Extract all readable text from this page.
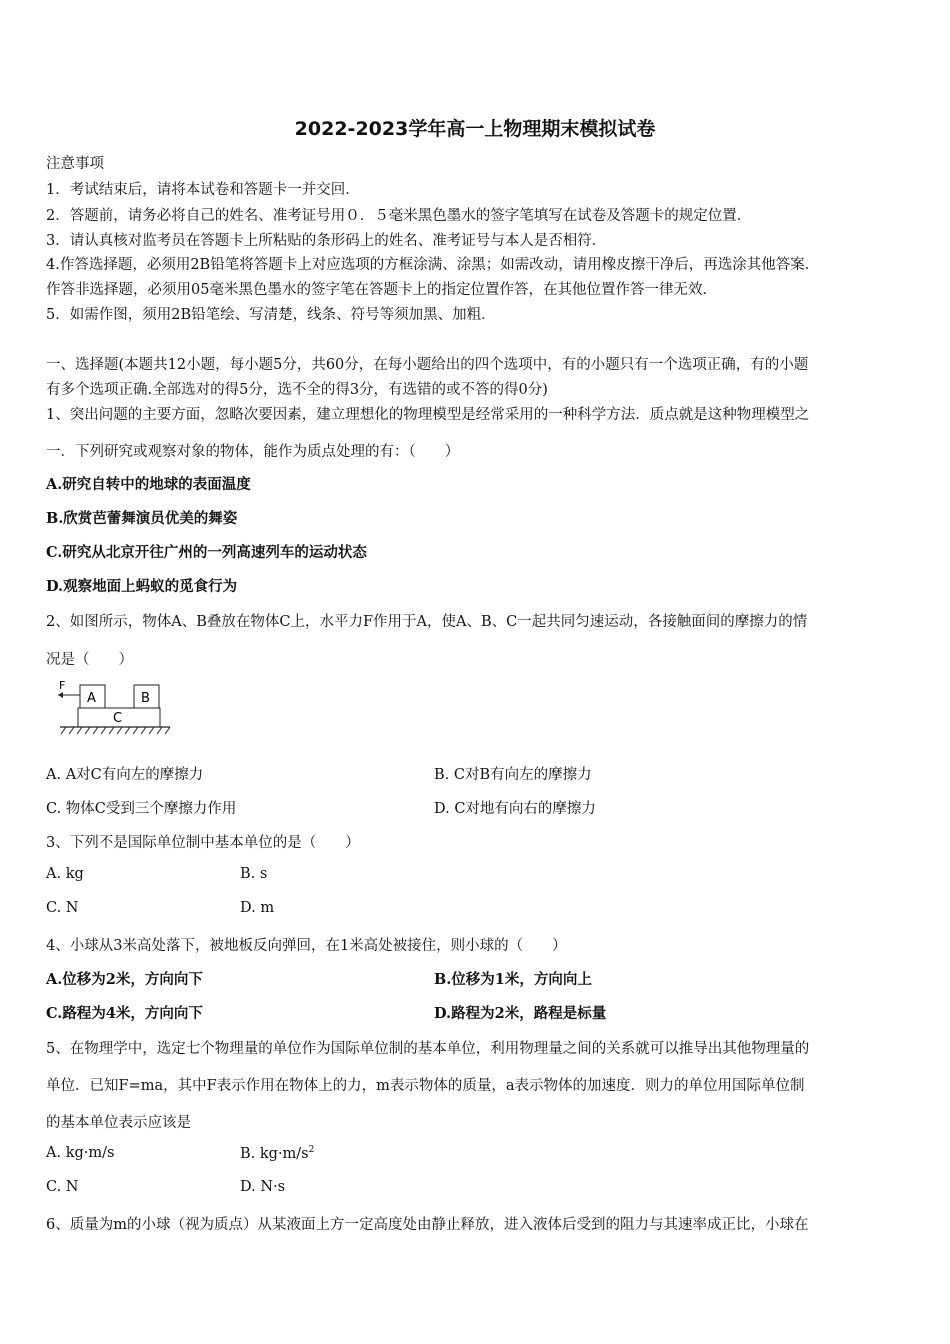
2022-2023学年高一上物理期末模拟试卷
注意事项
1．考试结束后，请将本试卷和答题卡一并交回．
2．答题前，请务必将自己的姓名、准考证号用０．５毫米黑色墨水的签字笔填写在试卷及答题卡的规定位置．
3．请认真核对监考员在答题卡上所粘贴的条形码上的姓名、准考证号与本人是否相符．
4.作答选择题，必须用2B铅笔将答题卡上对应选项的方框涂满、涂黑；如需改动，请用橡皮擦干净后，再选涂其他答案．
作答非选择题，必须用05毫米黑色墨水的签字笔在答题卡上的指定位置作答，在其他位置作答一律无效．
5．如需作图，须用2B铅笔绘、写清楚，线条、符号等须加黑、加粗．
一、选择题(本题共12小题，每小题5分，共60分，在每小题给出的四个选项中，有的小题只有一个选项正确，有的小题
有多个选项正确.全部选对的得5分，选不全的得3分，有选错的或不答的得0分)
1、突出问题的主要方面，忽略次要因素，建立理想化的物理模型是经常采用的一种科学方法．质点就是这种物理模型之
一．下列研究或观察对象的物体，能作为质点处理的有：（　　）
A.研究自转中的地球的表面温度
B.欣赏芭蕾舞演员优美的舞姿
C.研究从北京开往广州的一列高速列车的运动状态
D.观察地面上蚂蚁的觅食行为
2、如图所示，物体A、B叠放在物体C上，水平力F作用于A，使A、B、C一起共同匀速运动，各接触面间的摩擦力的情
况是（　　）
F
A	B
C
A. A对C有向左的摩擦力	B. C对B有向左的摩擦力
C. 物体C受到三个摩擦力作用	D. C对地有向右的摩擦力
3、下列不是国际单位制中基本单位的是（　　）
A. kg	B. s
C. N	D. m
4、小球从3米高处落下，被地板反向弹回，在1米高处被接住，则小球的（　　）
A.位移为2米，方向向下	B.位移为1米，方向向上
C.路程为4米，方向向下	D.路程为2米，路程是标量
5、在物理学中，选定七个物理量的单位作为国际单位制的基本单位，利用物理量之间的关系就可以推导出其他物理量的
单位．已知F=ma，其中F表示作用在物体上的力，m表示物体的质量，a表示物体的加速度．则力的单位用国际单位制
的基本单位表示应该是
A. kg·m/s	B. $kg\cdot m/s^2$
C. N	D. N·s
6、质量为m的小球（视为质点）从某液面上方一定高度处由静止释放，进入液体后受到的阻力与其速率成正比，小球在
